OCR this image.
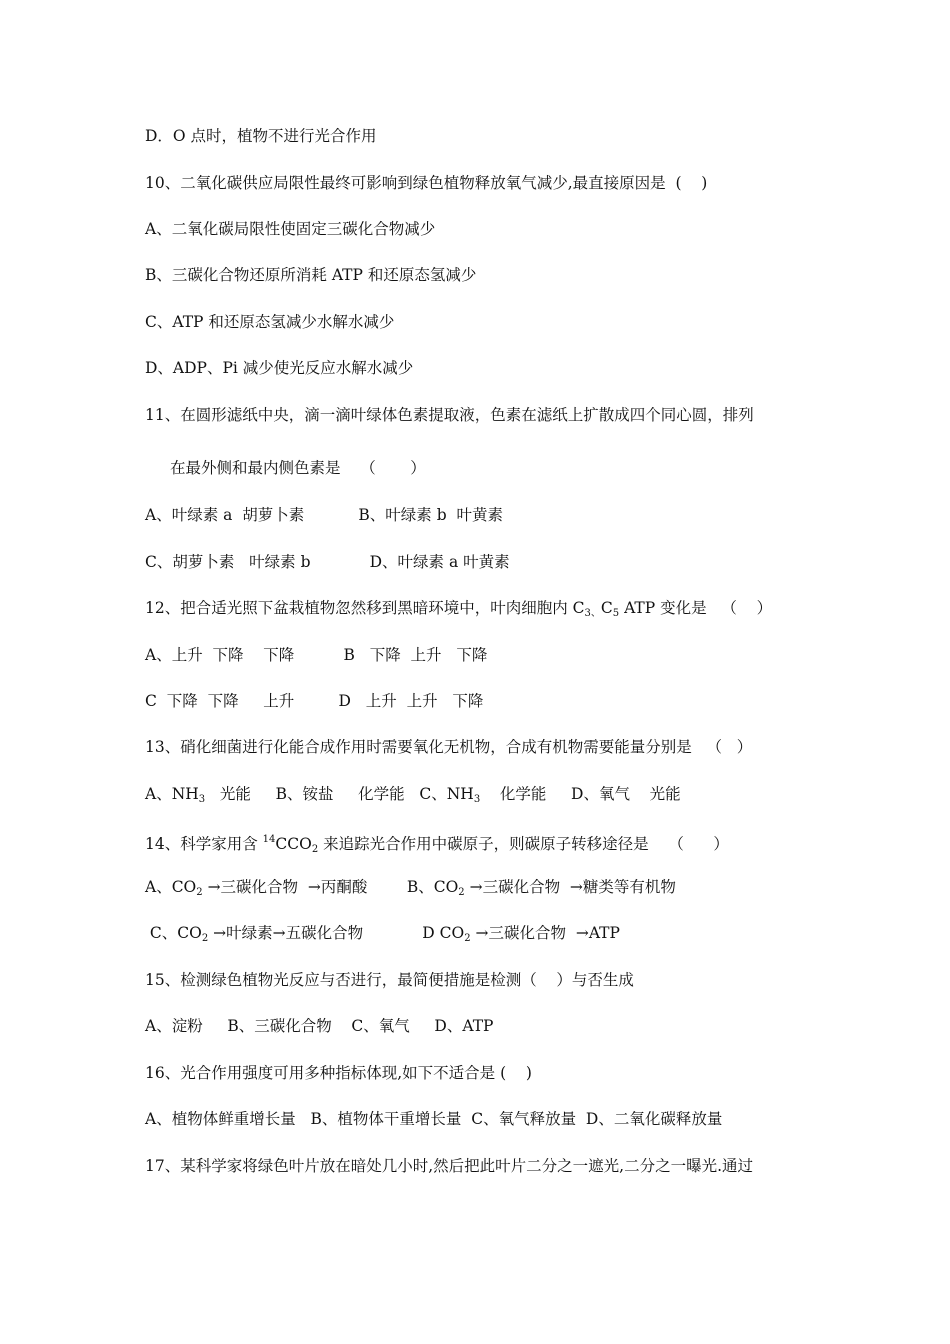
D．O 点时，植物不进行光合作用
10、二氧化碳供应局限性最终可影响到绿色植物释放氧气减少,最直接原因是  (    )
A、二氧化碳局限性使固定三碳化合物减少
B、三碳化合物还原所消耗 ATP 和还原态氢减少
C、ATP 和还原态氢减少水解水减少
D、ADP、Pi 减少使光反应水解水减少
11、在圆形滤纸中央，滴一滴叶绿体色素提取液，色素在滤纸上扩散成四个同心圆，排列
在最外侧和最内侧色素是    （       ）
A、叶绿素 a  胡萝卜素           B、叶绿素 b  叶黄素
C、胡萝卜素   叶绿素 b            D、叶绿素 a 叶黄素
12、把合适光照下盆栽植物忽然移到黑暗环境中，叶肉细胞内 $C_{3、}C_5$ ATP 变化是   （    ）
A、上升  下降    下降          B   下降  上升   下降
C  下降  下降     上升         D   上升  上升   下降
13、硝化细菌进行化能合成作用时需要氧化无机物，合成有机物需要能量分别是   （   ）
A、$NH_3$   光能     B、铵盐     化学能   C、$NH_3$    化学能     D、氧气    光能
14、科学家用含 $^{14}CCO_2$ 来追踪光合作用中碳原子，则碳原子转移途径是    （      ）
A、$CO_2$ →三碳化合物  →丙酮酸        B、$CO_2$ →三碳化合物  →糖类等有机物
C、$CO_2$ →叶绿素→五碳化合物            D $CO_2$ →三碳化合物  →ATP
15、检测绿色植物光反应与否进行，最简便措施是检测（    ）与否生成
A、淀粉     B、三碳化合物    C、氧气     D、ATP
16、光合作用强度可用多种指标体现,如下不适合是 (    )
A、植物体鲜重增长量   B、植物体干重增长量  C、氧气释放量  D、二氧化碳释放量
17、某科学家将绿色叶片放在暗处几小时,然后把此叶片二分之一遮光,二分之一曝光.通过
